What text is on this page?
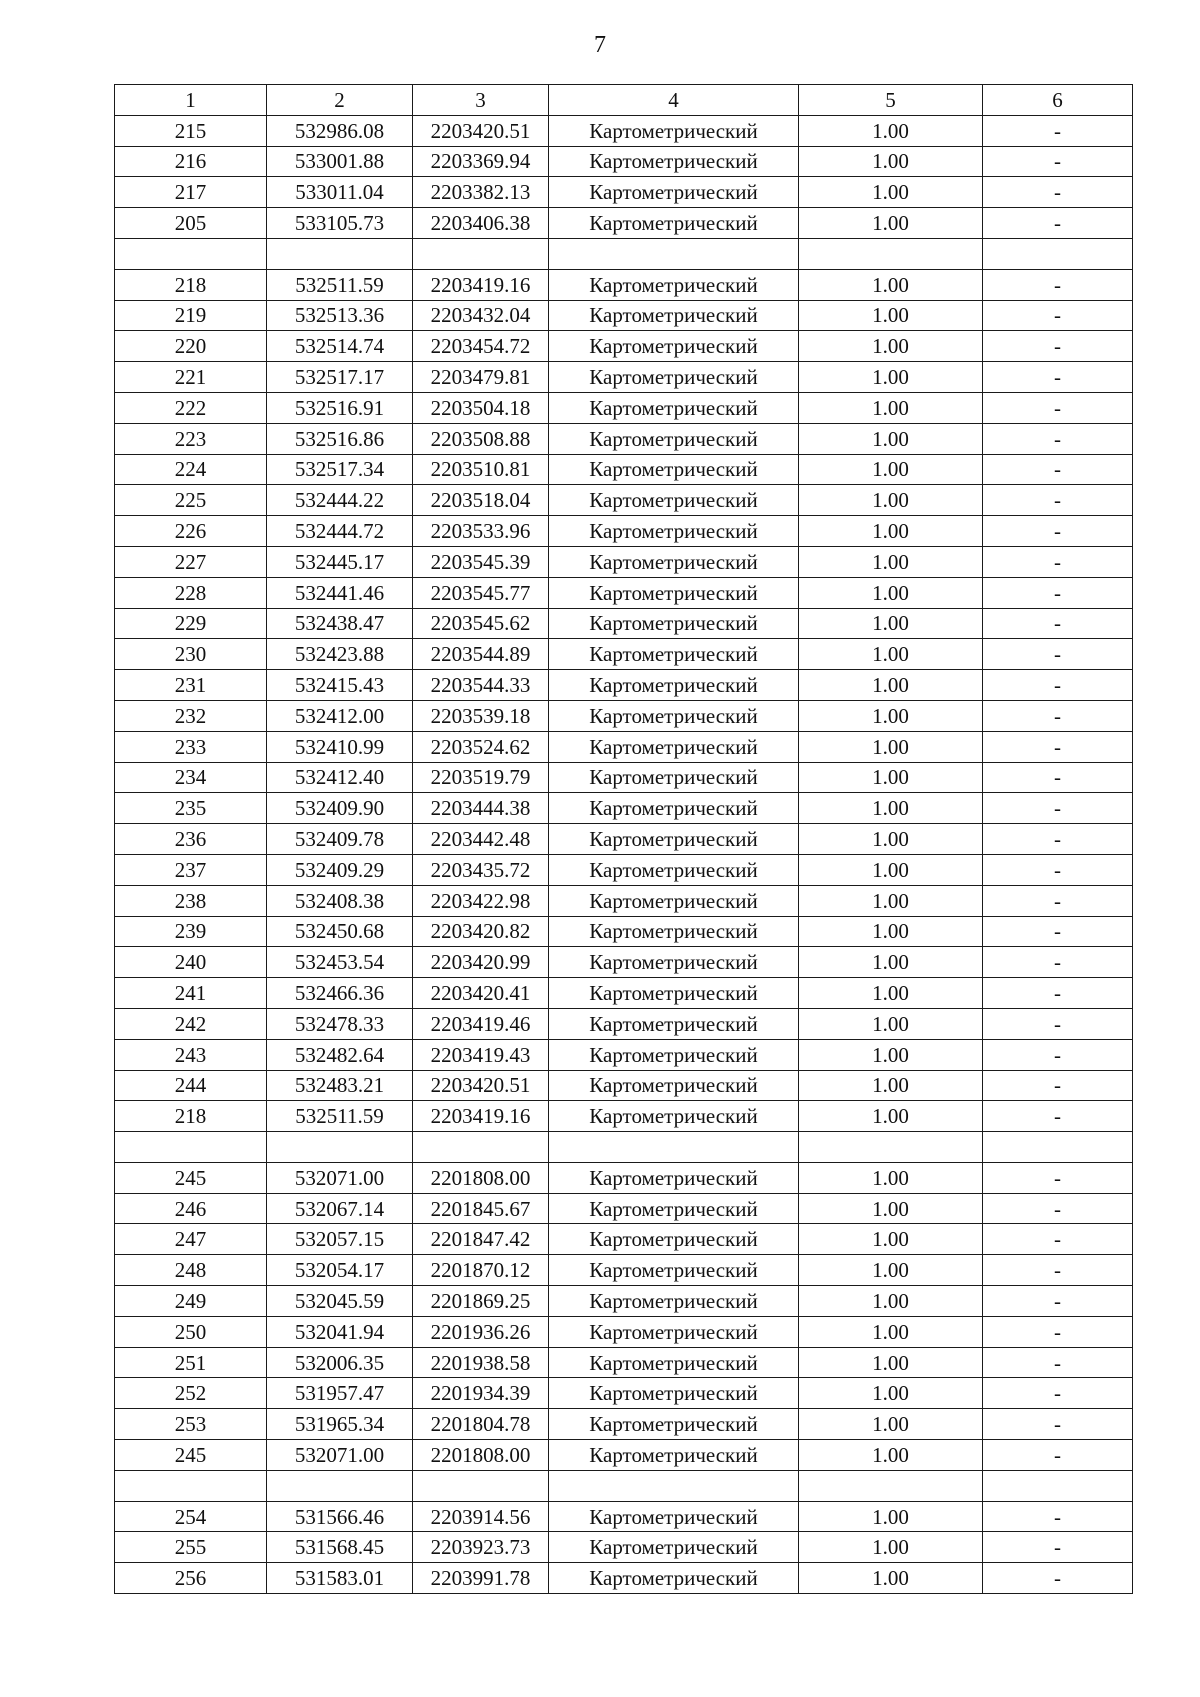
7
1	2	3	4	5	6
215	532986.08	2203420.51	Картометрический	1.00	-
216	533001.88	2203369.94	Картометрический	1.00	-
217	533011.04	2203382.13	Картометрический	1.00	-
205	533105.73	2203406.38	Картометрический	1.00	-

218	532511.59	2203419.16	Картометрический	1.00	-
219	532513.36	2203432.04	Картометрический	1.00	-
220	532514.74	2203454.72	Картометрический	1.00	-
221	532517.17	2203479.81	Картометрический	1.00	-
222	532516.91	2203504.18	Картометрический	1.00	-
223	532516.86	2203508.88	Картометрический	1.00	-
224	532517.34	2203510.81	Картометрический	1.00	-
225	532444.22	2203518.04	Картометрический	1.00	-
226	532444.72	2203533.96	Картометрический	1.00	-
227	532445.17	2203545.39	Картометрический	1.00	-
228	532441.46	2203545.77	Картометрический	1.00	-
229	532438.47	2203545.62	Картометрический	1.00	-
230	532423.88	2203544.89	Картометрический	1.00	-
231	532415.43	2203544.33	Картометрический	1.00	-
232	532412.00	2203539.18	Картометрический	1.00	-
233	532410.99	2203524.62	Картометрический	1.00	-
234	532412.40	2203519.79	Картометрический	1.00	-
235	532409.90	2203444.38	Картометрический	1.00	-
236	532409.78	2203442.48	Картометрический	1.00	-
237	532409.29	2203435.72	Картометрический	1.00	-
238	532408.38	2203422.98	Картометрический	1.00	-
239	532450.68	2203420.82	Картометрический	1.00	-
240	532453.54	2203420.99	Картометрический	1.00	-
241	532466.36	2203420.41	Картометрический	1.00	-
242	532478.33	2203419.46	Картометрический	1.00	-
243	532482.64	2203419.43	Картометрический	1.00	-
244	532483.21	2203420.51	Картометрический	1.00	-
218	532511.59	2203419.16	Картометрический	1.00	-

245	532071.00	2201808.00	Картометрический	1.00	-
246	532067.14	2201845.67	Картометрический	1.00	-
247	532057.15	2201847.42	Картометрический	1.00	-
248	532054.17	2201870.12	Картометрический	1.00	-
249	532045.59	2201869.25	Картометрический	1.00	-
250	532041.94	2201936.26	Картометрический	1.00	-
251	532006.35	2201938.58	Картометрический	1.00	-
252	531957.47	2201934.39	Картометрический	1.00	-
253	531965.34	2201804.78	Картометрический	1.00	-
245	532071.00	2201808.00	Картометрический	1.00	-

254	531566.46	2203914.56	Картометрический	1.00	-
255	531568.45	2203923.73	Картометрический	1.00	-
256	531583.01	2203991.78	Картометрический	1.00	-
